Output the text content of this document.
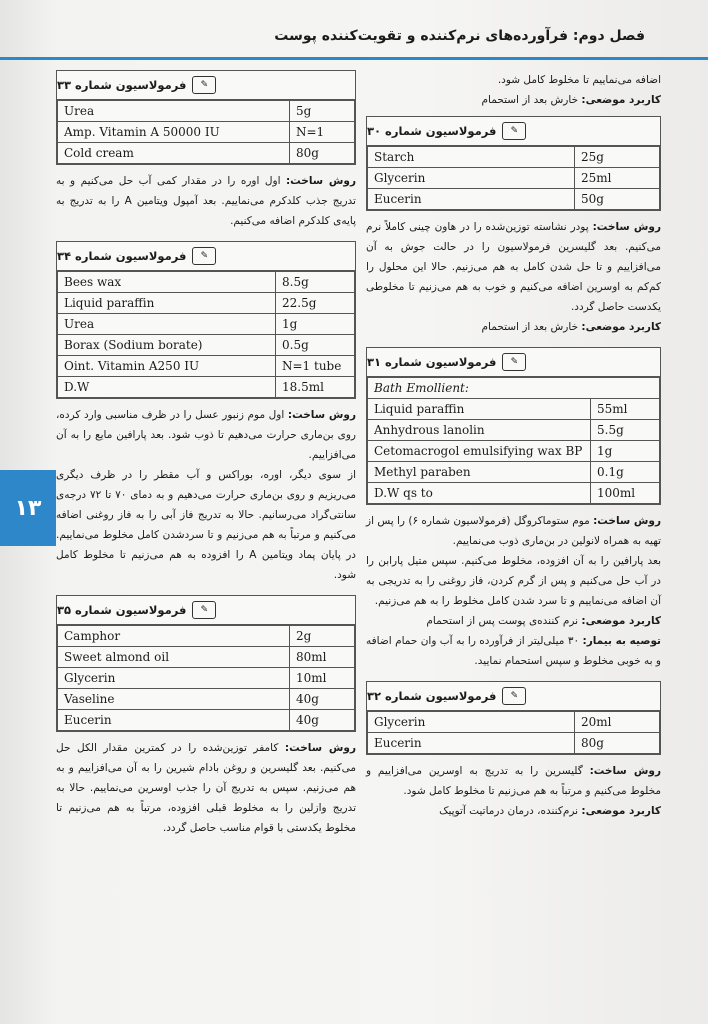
فصل دوم: فرآورده‌های نرم‌کننده و تقویت‌کننده پوست
۱۳
✎
فرمولاسیون شماره ۳۳
Urea	5g
Amp. Vitamin A 50000 IU	N=1
Cold cream	80g

روش ساخت: اول اوره را در مقدار کمی آب حل می‌کنیم و به تدریج جذب کلدکرم می‌نماییم. بعد آمپول ویتامین A را به تدریج به پایه‌ی کلدکرم اضافه می‌کنیم.

✎
فرمولاسیون شماره ۳۴
Bees wax	8.5g
Liquid paraffin	22.5g
Urea	1g
Borax (Sodium borate)	0.5g
Oint. Vitamin A250 IU	N=1 tube
D.W	18.5ml

روش ساخت: اول موم زنبور عسل را در ظرف مناسبی وارد کرده، روی بن‌ماری حرارت می‌دهیم تا ذوب شود. بعد پارافین مایع را به آن می‌افزاییم.

از سوی دیگر، اوره، بوراکس و آب مقطر را در ظرف دیگری می‌ریزیم و روی بن‌ماری حرارت می‌دهیم و به دمای ۷۰ تا ۷۲ درجه‌ی سانتی‌گراد می‌رسانیم. حالا به تدریج فاز آبی را به فاز روغنی اضافه می‌کنیم و مرتباً به هم می‌زنیم و تا سردشدن کامل مخلوط می‌نماییم. در پایان پماد ویتامین A را افزوده به هم می‌زنیم تا مخلوط کامل شود.

✎
فرمولاسیون شماره ۳۵
Camphor	2g
Sweet almond oil	80ml
Glycerin	10ml
Vaseline	40g
Eucerin	40g

روش ساخت: کامفر توزین‌شده را در کمترین مقدار الکل حل می‌کنیم. بعد گلیسرین و روغن بادام شیرین را به آن می‌افزاییم و به هم می‌زنیم. سپس به تدریج آن را جذب اوسرین می‌نماییم. حالا به تدریج وازلین را به مخلوط قبلی افزوده، مرتباً به هم می‌زنیم تا مخلوط یکدستی با قوام مناسب حاصل گردد.

اضافه می‌نماییم تا مخلوط کامل شود.

کاربرد موضعی: خارش بعد از استحمام

✎
فرمولاسیون شماره ۳۰
Starch	25g
Glycerin	25ml
Eucerin	50g

روش ساخت: پودر نشاسته توزین‌شده را در هاون چینی کاملاً نرم می‌کنیم. بعد گلیسرین فرمولاسیون را در حالت جوش به آن می‌افزاییم و تا حل شدن کامل به هم می‌زنیم. حالا این محلول را کم‌کم به اوسرین اضافه می‌کنیم و خوب به هم می‌زنیم تا مخلوطی یکدست حاصل گردد.

کاربرد موضعی: خارش بعد از استحمام

✎
فرمولاسیون شماره ۳۱
Bath Emollient:	
Liquid paraffin	55ml
Anhydrous lanolin	5.5g
Cetomacrogol emulsifying wax BP	1g
Methyl paraben	0.1g
D.W qs to	100ml

روش ساخت: موم ستوماکروگل (فرمولاسیون شماره ۶) را پس از تهیه به همراه لانولین در بن‌ماری ذوب می‌نماییم.

بعد پارافین را به آن افزوده، مخلوط می‌کنیم. سپس متیل پارابن را در آب حل می‌کنیم و پس از گرم کردن، فاز روغنی را به تدریجی به آن اضافه می‌نماییم و تا سرد شدن کامل مخلوط را به هم می‌زنیم.

کاربرد موضعی: نرم کننده‌ی پوست پس از استحمام

توصیه به بیمار: ۳۰ میلی‌لیتر از فرآورده را به آب وان حمام اضافه و به خوبی مخلوط و سپس استحمام نمایید.

✎
فرمولاسیون شماره ۳۲
Glycerin	20ml
Eucerin	80g

روش ساخت: گلیسرین را به تدریج به اوسرین می‌افزاییم و مخلوط می‌کنیم و مرتباً به هم می‌زنیم تا مخلوط کامل شود.

کاربرد موضعی: نرم‌کننده، درمان درماتیت آتوپیک
